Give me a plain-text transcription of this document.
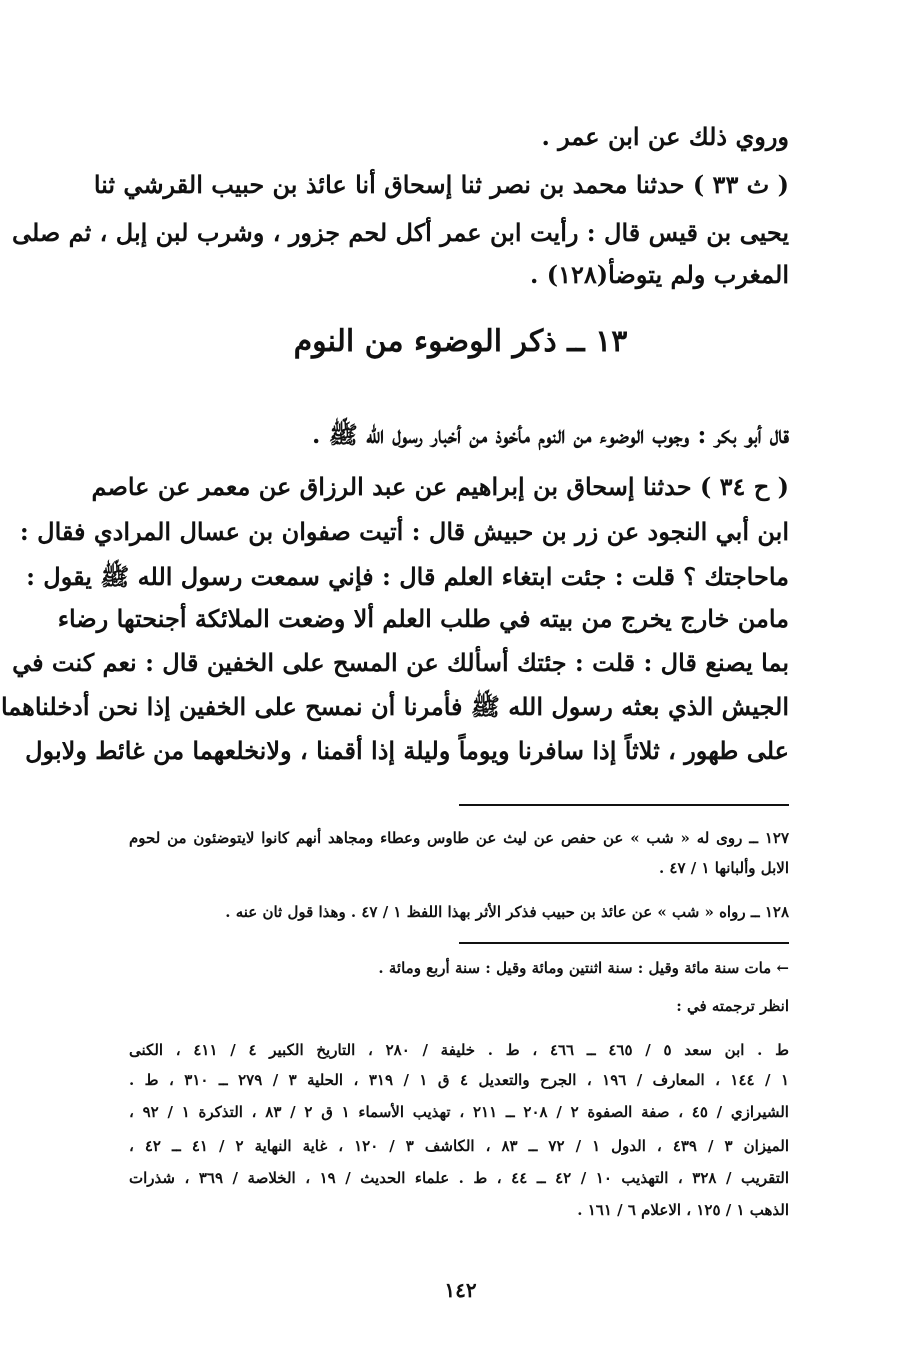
وروي ذلك عن ابن عمر .
( ث ٣٣ ) حدثنا محمد بن نصر ثنا إسحاق أنا عائذ بن حبيب القرشي ثنا
يحيى بن قيس قال : رأيت ابن عمر أكل لحم جزور ، وشرب لبن إبل ، ثم صلى
المغرب ولم يتوضأ(١٢٨) .
١٣ ــ ذكر الوضوء من النوم
قال أبو بكر : وجوب الوضوء من النوم مأخوذ من أخبار رسول الله ﷺ .
( ح ٣٤ ) حدثنا إسحاق بن إبراهيم عن عبد الرزاق عن معمر عن عاصم
ابن أبي النجود عن زر بن حبيش قال : أتيت صفوان بن عسال المرادي فقال :
ماحاجتك ؟ قلت : جئت ابتغاء العلم قال : فإني سمعت رسول الله ﷺ يقول :
مامن خارج يخرج من بيته في طلب العلم ألا وضعت الملائكة أجنحتها رضاء
بما يصنع قال : قلت : جئتك أسألك عن المسح على الخفين قال : نعم كنت في
الجيش الذي بعثه رسول الله ﷺ فأمرنا أن نمسح على الخفين إذا نحن أدخلناهما
على طهور ، ثلاثاً إذا سافرنا ويوماً وليلة إذا أقمنا ، ولانخلعهما من غائط ولابول
١٢٧ ــ روى له « شب » عن حفص عن ليث عن طاوس وعطاء ومجاهد أنهم كانوا لايتوضئون من لحوم
الابل وألبانها ١ / ٤٧ .
١٢٨ ــ رواه « شب » عن عائذ بن حبيب فذكر الأثر بهذا اللفظ ١ / ٤٧ . وهذا قول ثان عنه .
← مات سنة مائة وقيل : سنة اثنتين ومائة وقيل : سنة أربع ومائة .
انظر ترجمته في :
ط . ابن سعد ٥ / ٤٦٥ ــ ٤٦٦ ، ط . خليفة / ٢٨٠ ، التاريخ الكبير ٤ / ٤١١ ، الكنى
١ / ١٤٤ ، المعارف / ١٩٦ ، الجرح والتعديل ٤ ق ١ / ٣١٩ ، الحلية ٣ / ٢٧٩ ــ ٣١٠ ، ط .
الشيرازي / ٤٥ ، صفة الصفوة ٢ / ٢٠٨ ــ ٢١١ ، تهذيب الأسماء ١ ق ٢ / ٨٣ ، التذكرة ١ / ٩٢ ،
الميزان ٣ / ٤٣٩ ، الدول ١ / ٧٢ ــ ٨٣ ، الكاشف ٣ / ١٢٠ ، غاية النهاية ٢ / ٤١ ــ ٤٢ ،
التقريب / ٣٢٨ ، التهذيب ١٠ / ٤٢ ــ ٤٤ ، ط . علماء الحديث / ١٩ ، الخلاصة / ٣٦٩ ، شذرات
الذهب ١ / ١٢٥ ، الاعلام ٦ / ١٦١ .
١٤٢
